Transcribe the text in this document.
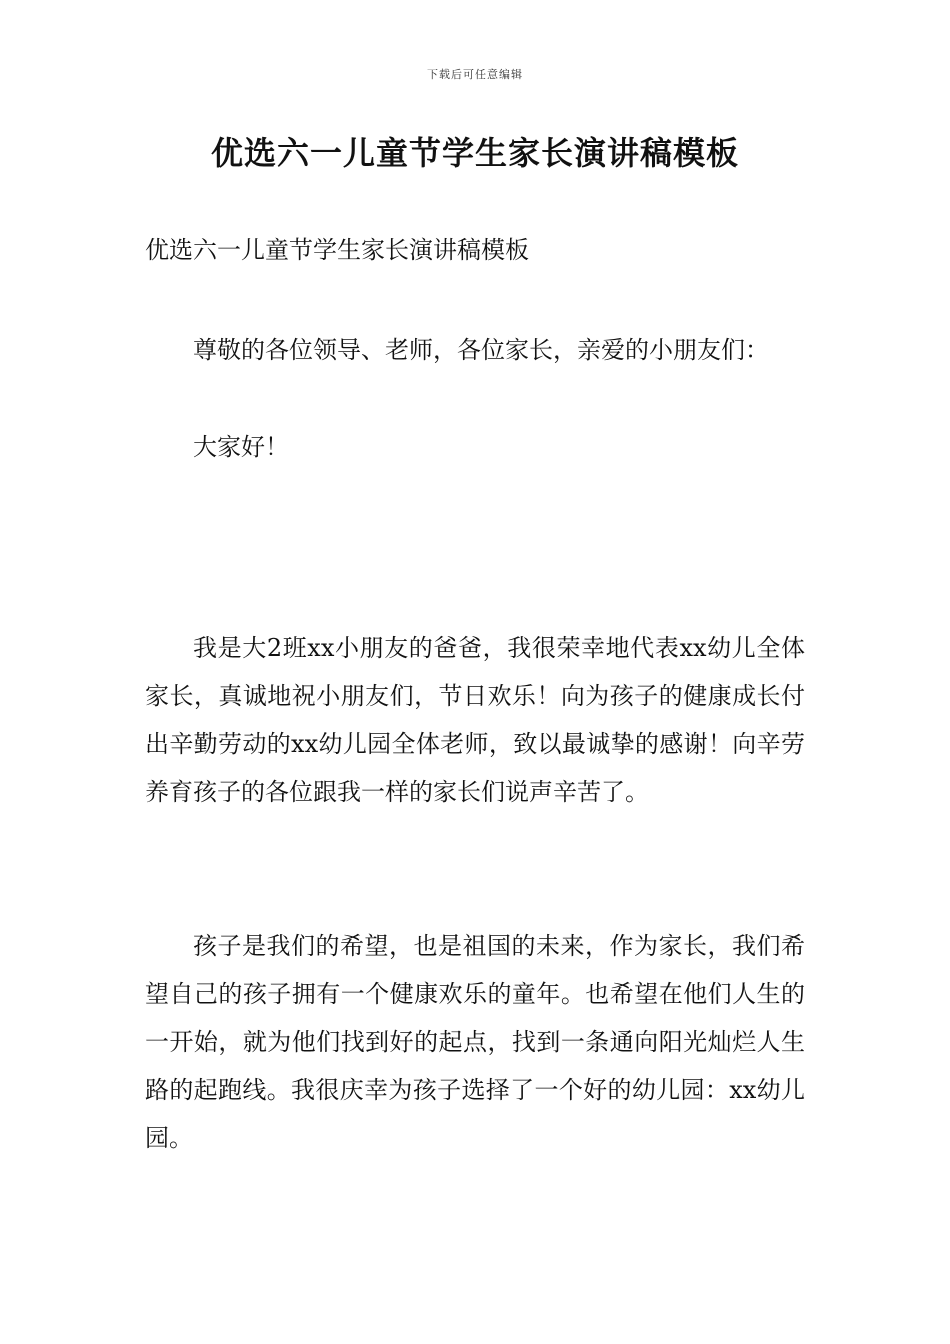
下载后可任意编辑
优选六一儿童节学生家长演讲稿模板
优选六一儿童节学生家长演讲稿模板
尊敬的各位领导、老师，各位家长，亲爱的小朋友们：
大家好！
我是大2班xx小朋友的爸爸，我很荣幸地代表xx幼儿全体家长，真诚地祝小朋友们，节日欢乐！向为孩子的健康成长付出辛勤劳动的xx幼儿园全体老师，致以最诚挚的感谢！向辛劳养育孩子的各位跟我一样的家长们说声辛苦了。
孩子是我们的希望，也是祖国的未来，作为家长，我们希望自己的孩子拥有一个健康欢乐的童年。也希望在他们人生的一开始，就为他们找到好的起点，找到一条通向阳光灿烂人生路的起跑线。我很庆幸为孩子选择了一个好的幼儿园：xx幼儿园。
